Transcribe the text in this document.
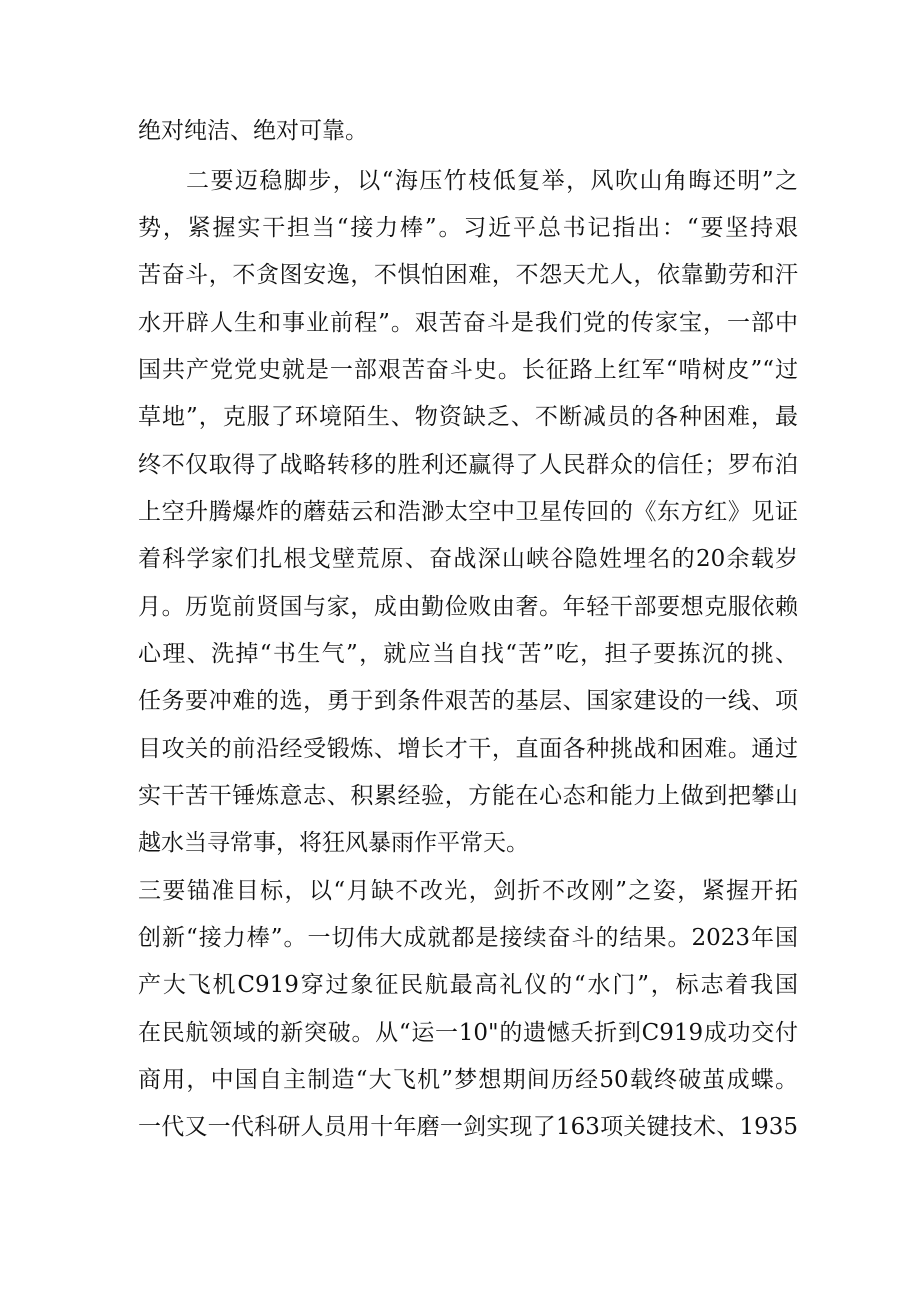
绝对纯洁、绝对可靠。
二要迈稳脚步，以“海压竹枝低复举，风吹山角晦还明”之
势，紧握实干担当“接力棒”。习近平总书记指出：“要坚持艰
苦奋斗，不贪图安逸，不惧怕困难，不怨天尤人，依靠勤劳和汗
水开辟人生和事业前程”。艰苦奋斗是我们党的传家宝，一部中
国共产党党史就是一部艰苦奋斗史。长征路上红军“啃树皮”“过
草地”，克服了环境陌生、物资缺乏、不断减员的各种困难，最
终不仅取得了战略转移的胜利还赢得了人民群众的信任；罗布泊
上空升腾爆炸的蘑菇云和浩渺太空中卫星传回的《东方红》见证
着科学家们扎根戈壁荒原、奋战深山峡谷隐姓埋名的20余载岁
月。历览前贤国与家，成由勤俭败由奢。年轻干部要想克服依赖
心理、洗掉“书生气”，就应当自找“苦”吃，担子要拣沉的挑、
任务要冲难的选，勇于到条件艰苦的基层、国家建设的一线、项
目攻关的前沿经受锻炼、增长才干，直面各种挑战和困难。通过
实干苦干锤炼意志、积累经验，方能在心态和能力上做到把攀山
越水当寻常事，将狂风暴雨作平常天。
三要锚准目标，以“月缺不改光，剑折不改刚”之姿，紧握开拓
创新“接力棒”。一切伟大成就都是接续奋斗的结果。2023年国
产大飞机C919穿过象征民航最高礼仪的“水门”，标志着我国
在民航领域的新突破。从“运一10"的遗憾夭折到C919成功交付
商用，中国自主制造“大飞机”梦想期间历经50载终破茧成蝶。
一代又一代科研人员用十年磨一剑实现了163项关键技术、1935
